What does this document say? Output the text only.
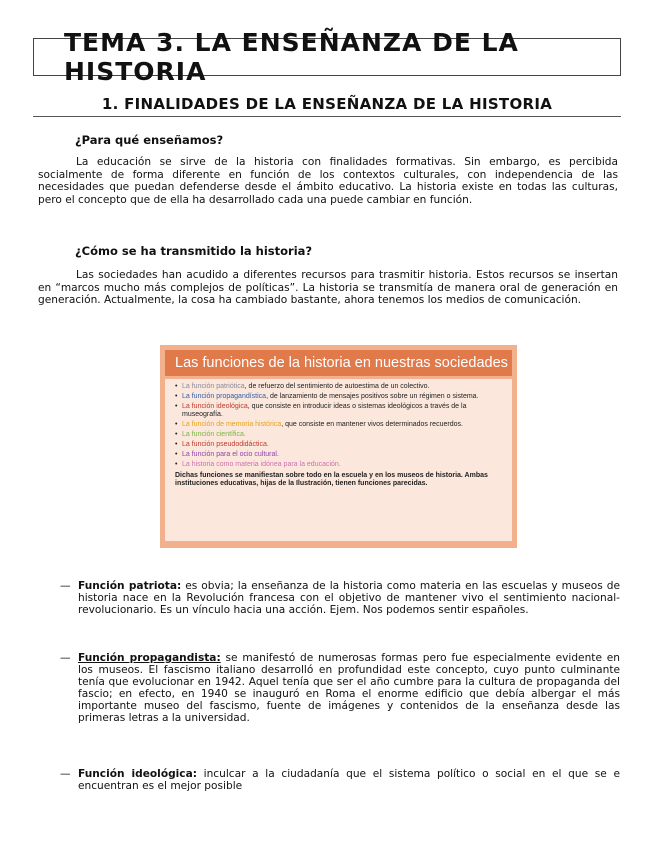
TEMA 3. LA ENSEÑANZA DE LA HISTORIA
1. FINALIDADES DE LA ENSEÑANZA DE LA HISTORIA
¿Para qué enseñamos?
La educación se sirve de la historia con finalidades formativas. Sin embargo, es percibida socialmente de forma diferente en función de los contextos culturales, con independencia de las necesidades que puedan defenderse desde el ámbito educativo. La historia existe en todas las culturas, pero el concepto que de ella ha desarrollado cada una puede cambiar en función.
¿Cómo se ha transmitido la historia?
Las sociedades han acudido a diferentes recursos para trasmitir historia. Estos recursos se insertan en “marcos mucho más complejos de políticas”. La historia se transmitía de manera oral de generación en generación. Actualmente, la cosa ha cambiado bastante, ahora tenemos los medios de comunicación.
Las funciones de la historia en nuestras sociedades
• La función patriótica, de refuerzo del sentimiento de autoestima de un colectivo.
• La función propagandística, de lanzamiento de mensajes positivos sobre un régimen o sistema.
• La función ideológica, que consiste en introducir ideas o sistemas ideológicos a través de la museografía.
• La función de memoria histórica, que consiste en mantener vivos determinados recuerdos.
• La función científica.
• La función pseudodidáctica.
• La función para el ocio cultural.
• La historia como materia idónea para la educación.
Dichas funciones se manifiestan sobre todo en la escuela y en los museos de historia. Ambas instituciones educativas, hijas de la Ilustración, tienen funciones parecidas.
— Función patriota: es obvia; la enseñanza de la historia como materia en las escuelas y museos de historia nace en la Revolución francesa con el objetivo de mantener vivo el sentimiento nacional-revolucionario. Es un vínculo hacia una acción. Ejem. Nos podemos sentir españoles.
— Función propagandista: se manifestó de numerosas formas pero fue especialmente evidente en los museos. El fascismo italiano desarrolló en profundidad este concepto, cuyo punto culminante tenía que evolucionar en 1942. Aquel tenía que ser el año cumbre para la cultura de propaganda del fascio; en efecto, en 1940 se inauguró en Roma el enorme edificio que debía albergar el más importante museo del fascismo, fuente de imágenes y contenidos de la enseñanza desde las primeras letras a la universidad.
— Función ideológica: inculcar a la ciudadanía que el sistema político o social en el que se e encuentran es el mejor posible
